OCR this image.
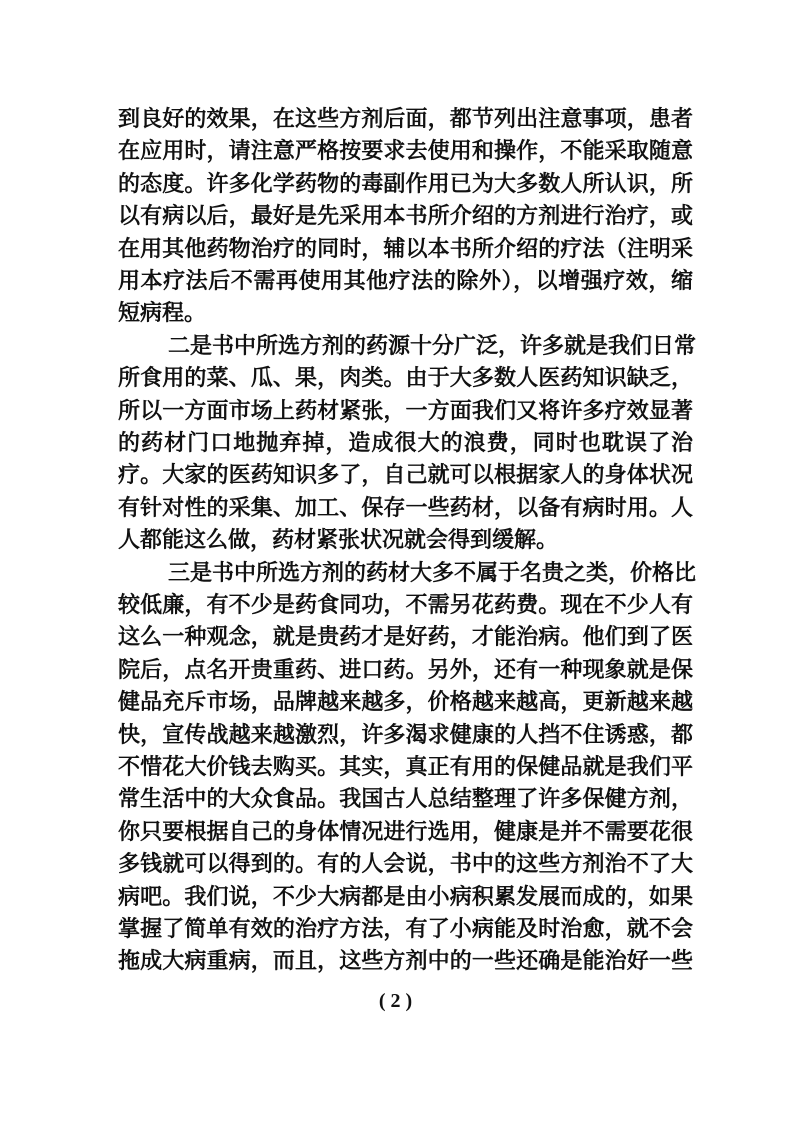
( 2 )
到良好的效果，在这些方剂后面，都节列出注意事项，患者
在应用时，请注意严格按要求去使用和操作，不能采取随意
的态度。许多化学药物的毒副作用已为大多数人所认识，所
以有病以后，最好是先采用本书所介绍的方剂进行治疗，或
在用其他药物治疗的同时，辅以本书所介绍的疗法（注明采
用本疗法后不需再使用其他疗法的除外），以增强疗效，缩
短病程。
二是书中所选方剂的药源十分广泛，许多就是我们日常
所食用的菜、瓜、果，肉类。由于大多数人医药知识缺乏，
所以一方面市场上药材紧张，一方面我们又将许多疗效显著
的药材门口地抛弃掉，造成很大的浪费，同时也耽误了治
疗。大家的医药知识多了，自己就可以根据家人的身体状况
有针对性的采集、加工、保存一些药材，以备有病时用。人
人都能这么做，药材紧张状况就会得到缓解。
三是书中所选方剂的药材大多不属于名贵之类，价格比
较低廉，有不少是药食同功，不需另花药费。现在不少人有
这么一种观念，就是贵药才是好药，才能治病。他们到了医
院后，点名开贵重药、进口药。另外，还有一种现象就是保
健品充斥市场，品牌越来越多，价格越来越高，更新越来越
快，宣传战越来越激烈，许多渴求健康的人挡不住诱惑，都
不惜花大价钱去购买。其实，真正有用的保健品就是我们平
常生活中的大众食品。我国古人总结整理了许多保健方剂，
你只要根据自己的身体情况进行选用，健康是并不需要花很
多钱就可以得到的。有的人会说，书中的这些方剂治不了大
病吧。我们说，不少大病都是由小病积累发展而成的，如果
掌握了简单有效的治疗方法，有了小病能及时治愈，就不会
拖成大病重病，而且，这些方剂中的一些还确是能治好一些
